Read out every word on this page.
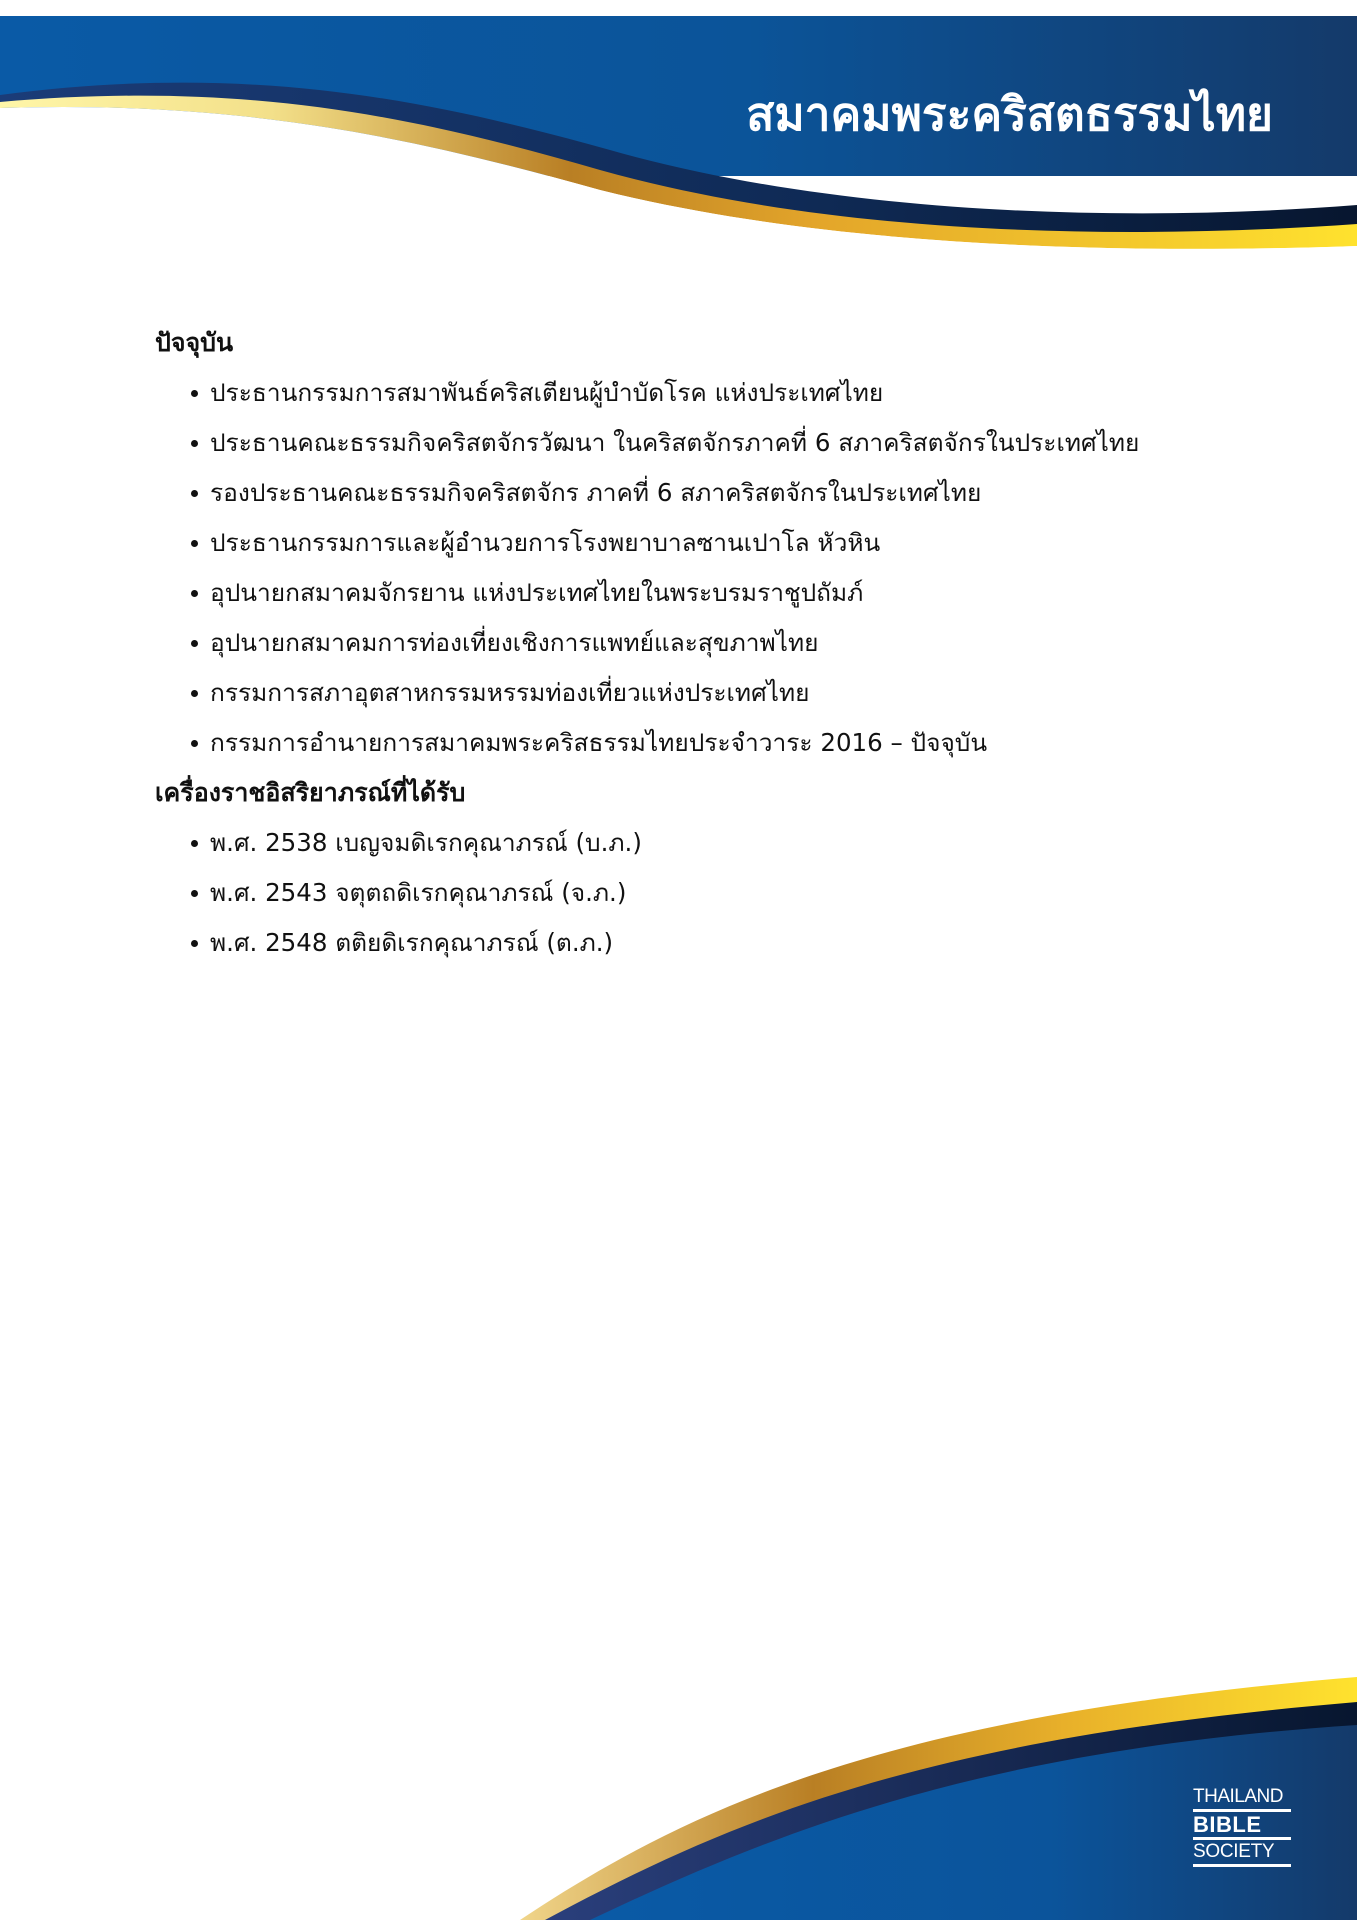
สมาคมพระคริสตธรรมไทย
ปัจจุบัน
ประธานกรรมการสมาพันธ์คริสเตียนผู้บำบัดโรค แห่งประเทศไทย
ประธานคณะธรรมกิจคริสตจักรวัฒนา ในคริสตจักรภาคที่ 6 สภาคริสตจักรในประเทศไทย
รองประธานคณะธรรมกิจคริสตจักร ภาคที่ 6 สภาคริสตจักรในประเทศไทย
ประธานกรรมการและผู้อำนวยการโรงพยาบาลซานเปาโล หัวหิน
อุปนายกสมาคมจักรยาน แห่งประเทศไทยในพระบรมราชูปถัมภ์
อุปนายกสมาคมการท่องเที่ยงเชิงการแพทย์และสุขภาพไทย
กรรมการสภาอุตสาหกรรมหรรมท่องเที่ยวแห่งประเทศไทย
กรรมการอำนายการสมาคมพระคริสธรรมไทยประจำวาระ 2016 – ปัจจุบัน
เครื่องราชอิสริยาภรณ์ที่ได้รับ
พ.ศ. 2538 เบญจมดิเรกคุณาภรณ์ (บ.ภ.)
พ.ศ. 2543 จตุตถดิเรกคุณาภรณ์ (จ.ภ.)
พ.ศ. 2548 ตติยดิเรกคุณาภรณ์ (ต.ภ.)
THAILAND
BIBLE
SOCIETY
